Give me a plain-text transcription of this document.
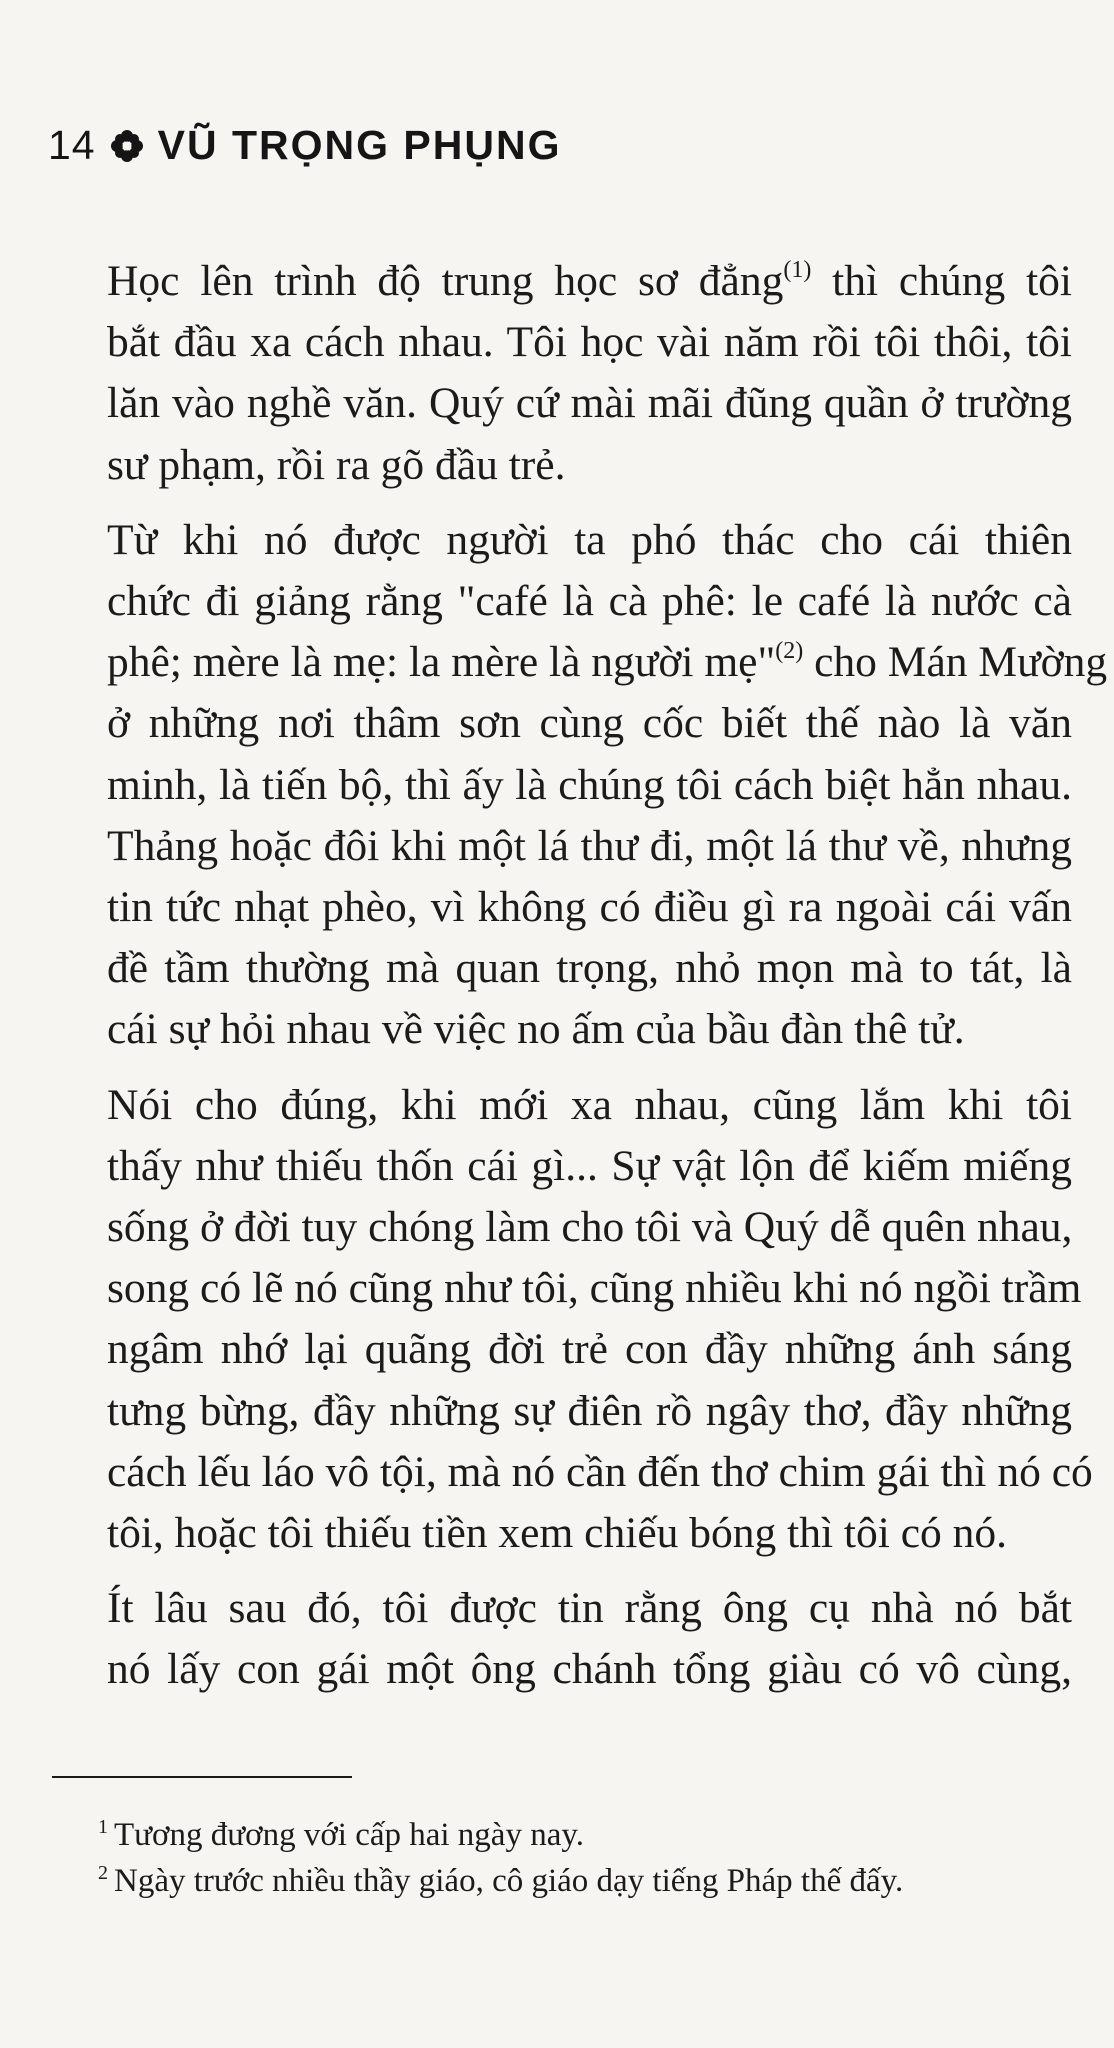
14 VŨ TRỌNG PHỤNG

Học lên trình độ trung học sơ đẳng$^{(1)}$ thì chúng tôi
bắt đầu xa cách nhau. Tôi học vài năm rồi tôi thôi, tôi
lăn vào nghề văn. Quý cứ mài mãi đũng quần ở trường
sư phạm, rồi ra gõ đầu trẻ.

Từ khi nó được người ta phó thác cho cái thiên
chức đi giảng rằng "café là cà phê: le café là nước cà
phê; mère là mẹ: la mère là người mẹ"$^{(2)}$ cho Mán Mường
ở những nơi thâm sơn cùng cốc biết thế nào là văn
minh, là tiến bộ, thì ấy là chúng tôi cách biệt hẳn nhau.
Thảng hoặc đôi khi một lá thư đi, một lá thư về, nhưng
tin tức nhạt phèo, vì không có điều gì ra ngoài cái vấn
đề tầm thường mà quan trọng, nhỏ mọn mà to tát, là
cái sự hỏi nhau về việc no ấm của bầu đàn thê tử.

Nói cho đúng, khi mới xa nhau, cũng lắm khi tôi
thấy như thiếu thốn cái gì... Sự vật lộn để kiếm miếng
sống ở đời tuy chóng làm cho tôi và Quý dễ quên nhau,
song có lẽ nó cũng như tôi, cũng nhiều khi nó ngồi trầm
ngâm nhớ lại quãng đời trẻ con đầy những ánh sáng
tưng bừng, đầy những sự điên rồ ngây thơ, đầy những
cách lếu láo vô tội, mà nó cần đến thơ chim gái thì nó có
tôi, hoặc tôi thiếu tiền xem chiếu bóng thì tôi có nó.

Ít lâu sau đó, tôi được tin rằng ông cụ nhà nó bắt
nó lấy con gái một ông chánh tổng giàu có vô cùng,

$^1$ Tương đương với cấp hai ngày nay.
$^2$ Ngày trước nhiều thầy giáo, cô giáo dạy tiếng Pháp thế đấy.
